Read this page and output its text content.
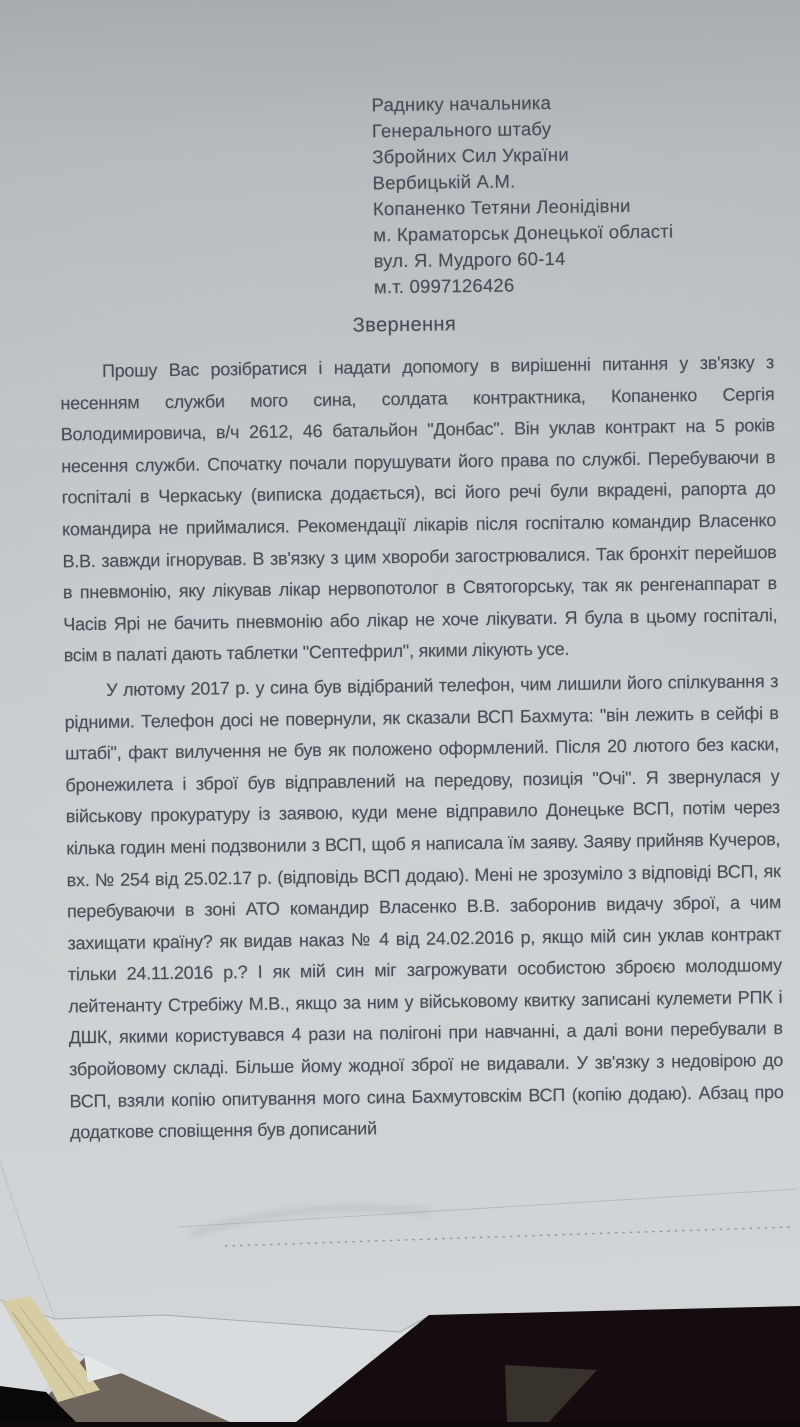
Раднику начальника
Генерального штабу
Збройних Сил України
Вербицькій А.М.
Копаненко Тетяни Леонідівни
м. Краматорськ Донецької області
вул. Я. Мудрого 60-14
м.т. 0997126426
Звернення

Прошу Вас розібратися і надати допомогу в вирішенні питання у зв'язку з несенням служби мого сина, солдата контрактника, Копаненко Сергія Володимировича, в/ч 2612, 46 батальйон "Донбас". Він уклав контракт на 5 років несення служби. Спочатку почали порушувати його права по службі. Перебуваючи в госпіталі в Черкаську (виписка додається), всі його речі були вкрадені, рапорта до командира не приймалися. Рекомендації лікарів після госпіталю командир Власенко В.В. завжди ігнорував. В зв'язку з цим хвороби загострювалися. Так бронхіт перейшов в пневмонію, яку лікував лікар нервопотолог в Святогорську, так як ренгенаппарат в Часів Ярі не бачить пневмонію або лікар не хоче лікувати. Я була в цьому госпіталі, всім в палаті дають таблетки "Септефрил", якими лікують усе.

У лютому 2017 р. у сина був відібраний телефон, чим лишили його спілкування з рідними. Телефон досі не повернули, як сказали ВСП Бахмута: "він лежить в сейфі в штабі", факт вилучення не був як положено оформлений. Після 20 лютого без каски, бронежилета і зброї був відправлений на передову, позиція "Очі". Я звернулася у військову прокуратуру із заявою, куди мене відправило Донецьке ВСП, потім через кілька годин мені подзвонили з ВСП, щоб я написала їм заяву. Заяву прийняв Кучеров, вх. № 254 від 25.02.17 р. (відповідь ВСП додаю). Мені не зрозуміло з відповіді ВСП, як перебуваючи в зоні АТО командир Власенко В.В. заборонив видачу зброї, а чим захищати країну? як видав наказ № 4 від 24.02.2016 р, якщо мій син уклав контракт тільки 24.11.2016 р.? І як мій син міг загрожувати особистою зброєю молодшому лейтенанту Стребіжу М.В., якщо за ним у військовому квитку записані кулемети РПК і ДШК, якими користувався 4 рази на полігоні при навчанні, а далі вони перебували в збройовому складі. Більше йому жодної зброї не видавали. У зв'язку з недовірою до ВСП, взяли копію опитування мого сина Бахмутовскім ВСП (копію додаю). Абзац про додаткове сповіщення був дописаний
